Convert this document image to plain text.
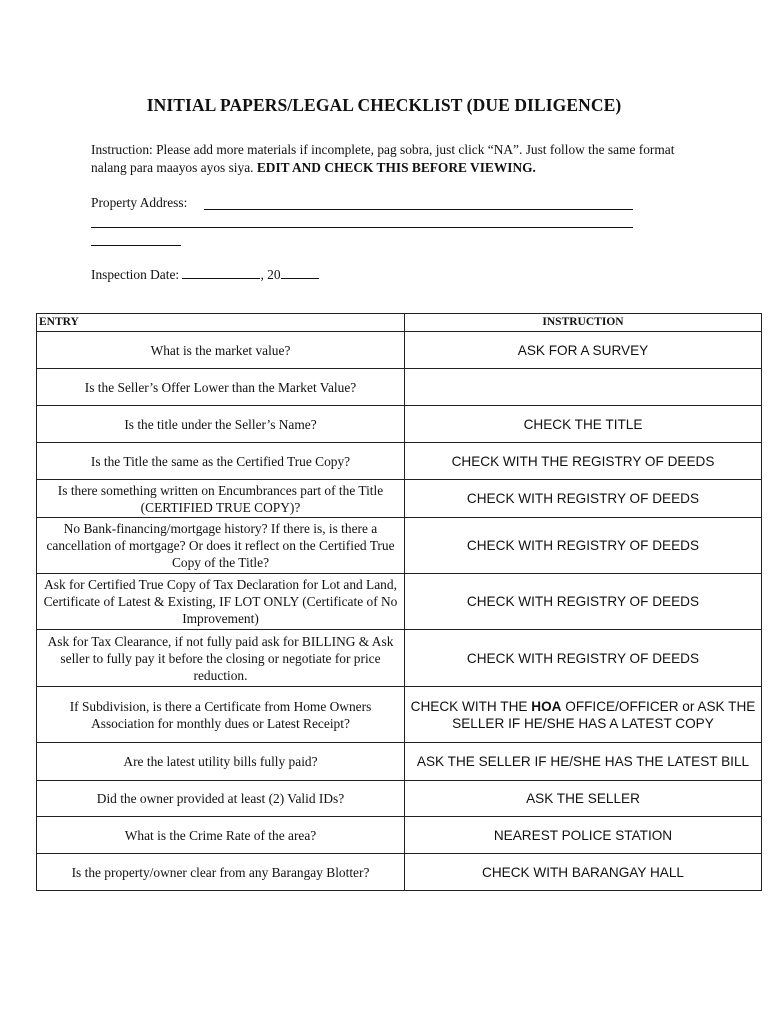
INITIAL PAPERS/LEGAL CHECKLIST (DUE DILIGENCE)
Instruction: Please add more materials if incomplete, pag sobra, just click “NA”. Just follow the same format nalang para maayos ayos siya. EDIT AND CHECK THIS BEFORE VIEWING.
Property Address:
Inspection Date:	, 20
ENTRY	INSTRUCTION
What is the market value?	ASK FOR A SURVEY
Is the Seller’s Offer Lower than the Market Value?	
Is the title under the Seller’s Name?	CHECK THE TITLE
Is the Title the same as the Certified True Copy?	CHECK WITH THE REGISTRY OF DEEDS
Is there something written on Encumbrances part of the Title (CERTIFIED TRUE COPY)?	CHECK WITH REGISTRY OF DEEDS
No Bank-financing/mortgage history? If there is, is there a cancellation of mortgage? Or does it reflect on the Certified True Copy of the Title?	CHECK WITH REGISTRY OF DEEDS
Ask for Certified True Copy of Tax Declaration for Lot and Land, Certificate of Latest & Existing, IF LOT ONLY (Certificate of No Improvement)	CHECK WITH REGISTRY OF DEEDS
Ask for Tax Clearance, if not fully paid ask for BILLING & Ask seller to fully pay it before the closing or negotiate for price reduction.	CHECK WITH REGISTRY OF DEEDS
If Subdivision, is there a Certificate from Home Owners Association for monthly dues or Latest Receipt?	CHECK WITH THE HOA OFFICE/OFFICER or ASK THE SELLER IF HE/SHE HAS A LATEST COPY
Are the latest utility bills fully paid?	ASK THE SELLER IF HE/SHE HAS THE LATEST BILL
Did the owner provided at least (2) Valid IDs?	ASK THE SELLER
What is the Crime Rate of the area?	NEAREST POLICE STATION
Is the property/owner clear from any Barangay Blotter?	CHECK WITH BARANGAY HALL
